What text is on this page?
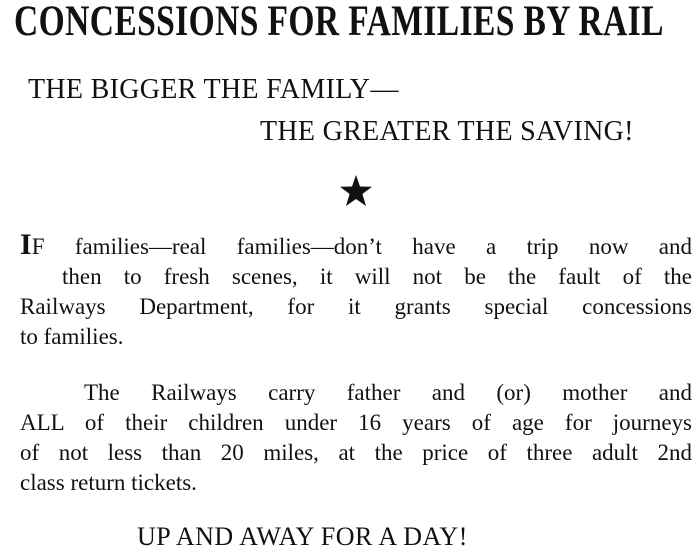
CONCESSIONS FOR FAMILIES BY RAIL
THE BIGGER THE FAMILY—
THE GREATER THE SAVING!
IF families—real families—don’t have a trip now and
then to fresh scenes, it will not be the fault of the
Railways Department, for it grants special concessions
to families.
The Railways carry father and (or) mother and
ALL of their children under 16 years of age for journeys
of not less than 20 miles, at the price of three adult 2nd
class return tickets.
UP AND AWAY FOR A DAY!
